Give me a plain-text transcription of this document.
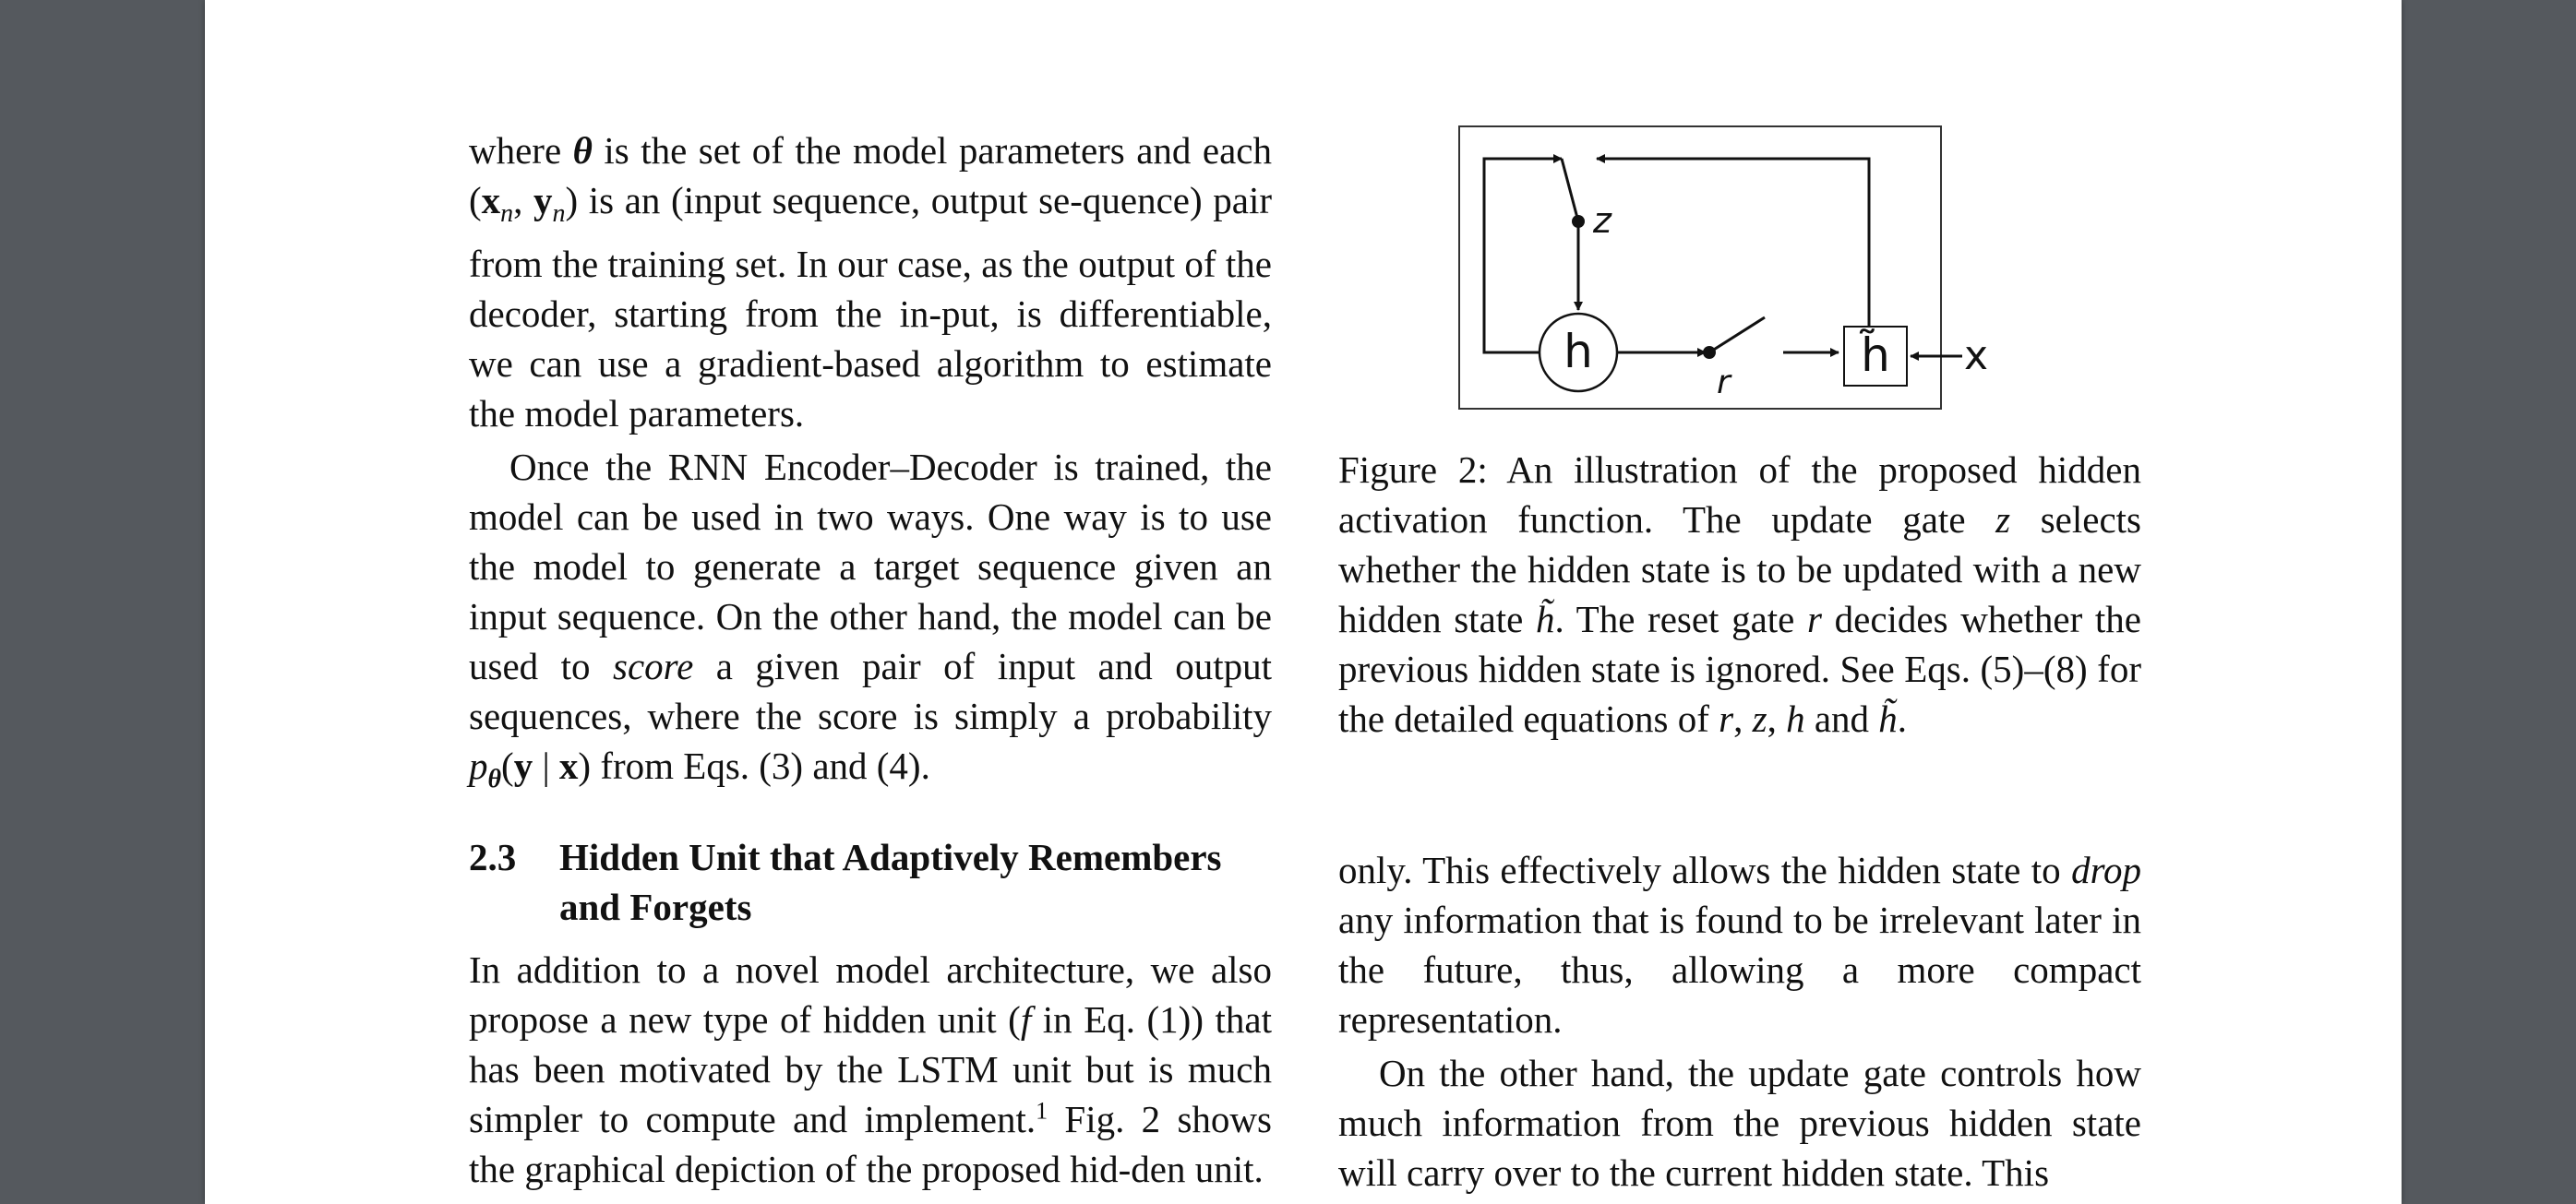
where θ is the set of the model parameters and each ($x_n$, $y_n$) is an (input sequence, output se-quence) pair from the training set. In our case, as the output of the decoder, starting from the in-put, is differentiable, we can use a gradient-based algorithm to estimate the model parameters.

Once the RNN Encoder–Decoder is trained, the model can be used in two ways. One way is to use the model to generate a target sequence given an input sequence. On the other hand, the model can be used to score a given pair of input and output sequences, where the score is simply a probability $p_\theta(y$ | x) from Eqs. (3) and (4).

2.3	Hidden Unit that Adaptively Remembers and Forgets

In addition to a novel model architecture, we also propose a new type of hidden unit (f in Eq. (1)) that has been motivated by the LSTM unit but is much simpler to compute and implement.$^1$ Fig. 2 shows the graphical depiction of the proposed hid-den unit.

z
h
r
h̃ x

Figure 2: An illustration of the proposed hidden activation function. The update gate z selects whether the hidden state is to be updated with a new hidden state h̃. The reset gate r decides whether the previous hidden state is ignored. See Eqs. (5)–(8) for the detailed equations of r, z, h and h̃.

only. This effectively allows the hidden state to drop any information that is found to be irrelevant later in the future, thus, allowing a more compact representation.

On the other hand, the update gate controls how much information from the previous hidden state will carry over to the current hidden state. This
